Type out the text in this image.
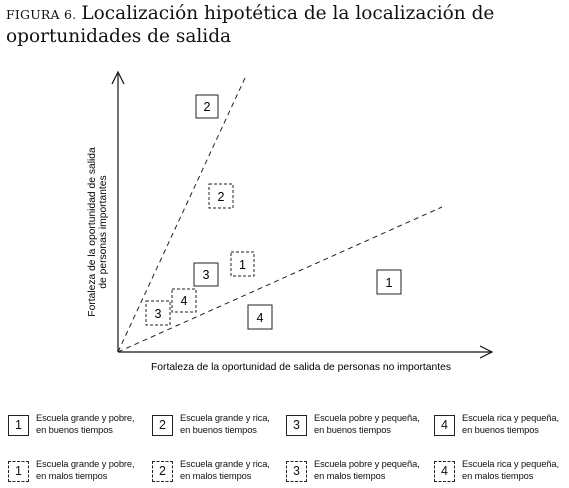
FIGURA 6. Localización hipotética de la localización de oportunidades de salida
Fortaleza de la oportunidad de salida de personas no importantes
Fortaleza de la oportunidad de salida de personas importantes
2
2
1
3
4
3	4
1
1	Escuela grande y pobre,
en buenos tiempos	2	Escuela grande y rica,
en buenos tiempos	3	Escuela pobre y pequeña,
en buenos tiempos	4	Escuela rica y pequeña,
en buenos tiempos
1	Escuela grande y pobre,
en malos tiempos	2	Escuela grande y rica,
en malos tiempos	3	Escuela pobre y pequeña,
en malos tiempos	4	Escuela rica y pequeña,
en malos tiempos
